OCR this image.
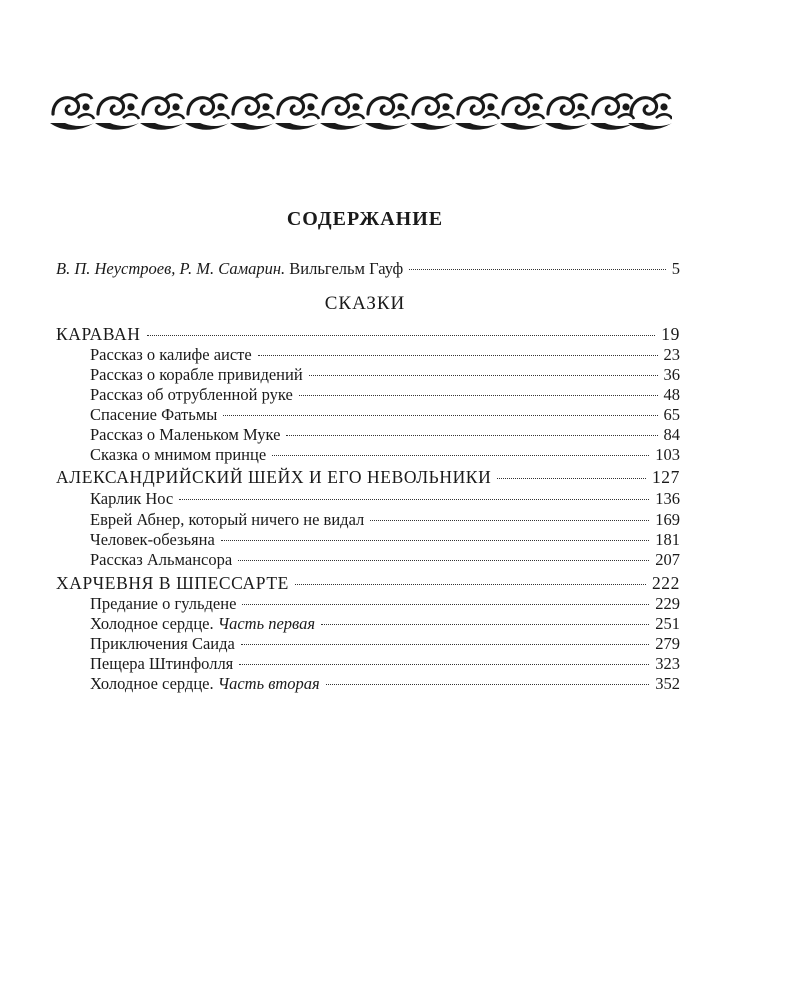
СОДЕРЖАНИЕ
В. П. Неустроев, Р. М. Самарин. Вильгельм Гауф	5
СКАЗКИ
КАРАВАН	19
Рассказ о калифе аисте	23
Рассказ о корабле привидений	36
Рассказ об отрубленной руке	48
Спасение Фатьмы	65
Рассказ о Маленьком Муке	84
Сказка о мнимом принце	103
АЛЕКСАНДРИЙСКИЙ ШЕЙХ И ЕГО НЕВОЛЬНИКИ	127
Карлик Нос	136
Еврей Абнер, который ничего не видал	169
Человек-обезьяна	181
Рассказ Альмансора	207
ХАРЧЕВНЯ В ШПЕССАРТЕ	222
Предание о гульдене	229
Холодное сердце. Часть первая	251
Приключения Саида	279
Пещера Штинфолля	323
Холодное сердце. Часть вторая	352
